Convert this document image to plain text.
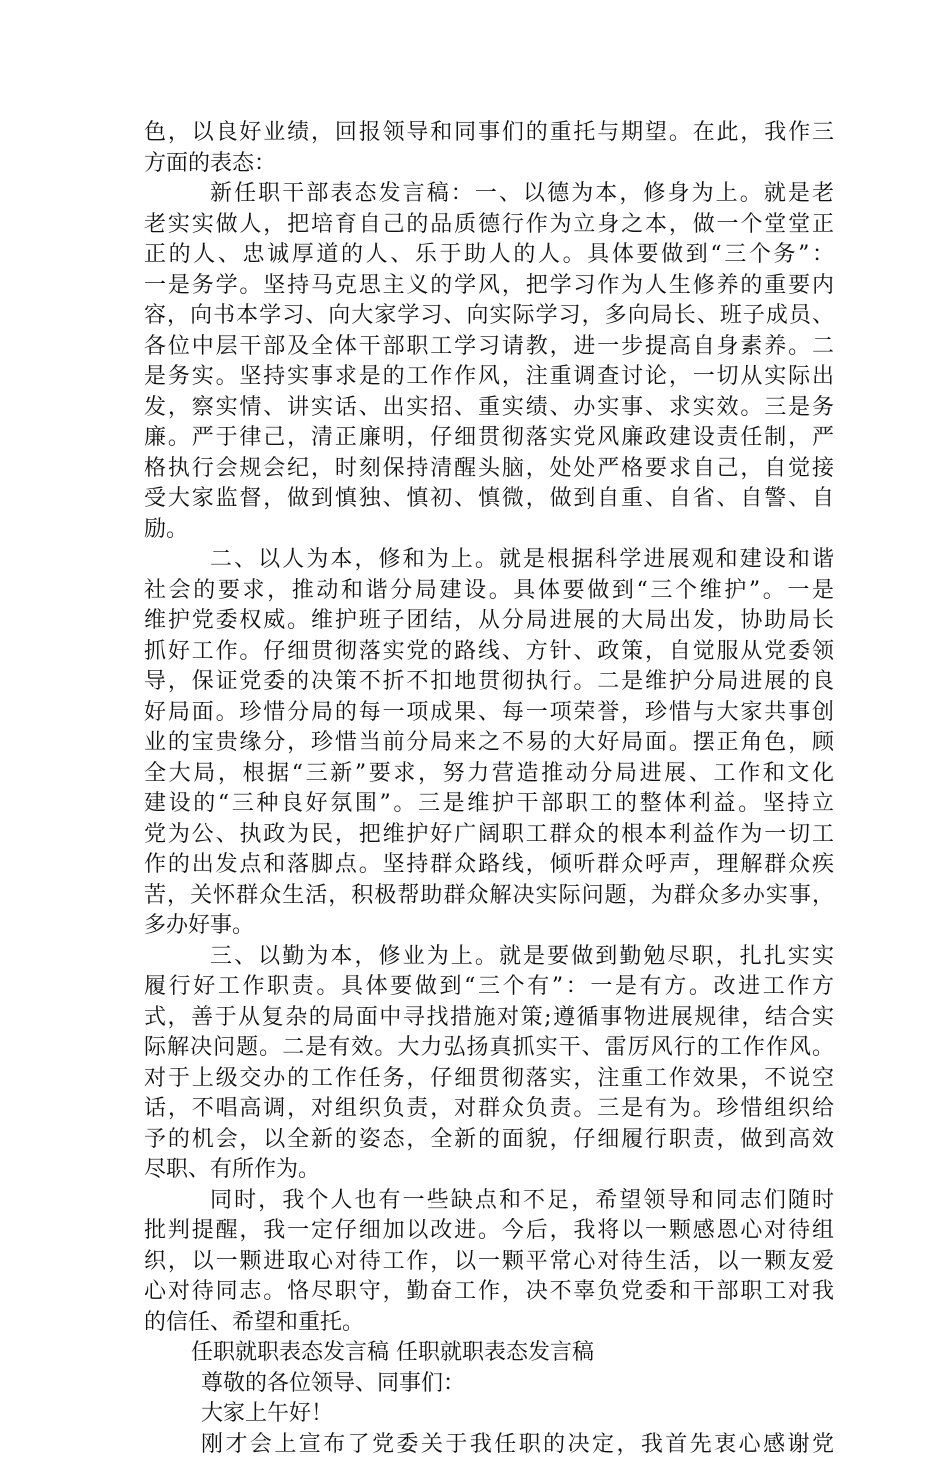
色，以良好业绩，回报领导和同事们的重托与期望。在此，我作三
方面的表态：
新任职干部表态发言稿：一、以德为本，修身为上。就是老
老实实做人，把培育自己的品质德行作为立身之本，做一个堂堂正
正的人、忠诚厚道的人、乐于助人的人。具体要做到“三个务”：
一是务学。坚持马克思主义的学风，把学习作为人生修养的重要内
容，向书本学习、向大家学习、向实际学习，多向局长、班子成员、
各位中层干部及全体干部职工学习请教，进一步提高自身素养。二
是务实。坚持实事求是的工作作风，注重调查讨论，一切从实际出
发，察实情、讲实话、出实招、重实绩、办实事、求实效。三是务
廉。严于律己，清正廉明，仔细贯彻落实党风廉政建设责任制，严
格执行会规会纪，时刻保持清醒头脑，处处严格要求自己，自觉接
受大家监督，做到慎独、慎初、慎微，做到自重、自省、自警、自
励。
二、以人为本，修和为上。就是根据科学进展观和建设和谐
社会的要求，推动和谐分局建设。具体要做到“三个维护”。一是
维护党委权威。维护班子团结，从分局进展的大局出发，协助局长
抓好工作。仔细贯彻落实党的路线、方针、政策，自觉服从党委领
导，保证党委的决策不折不扣地贯彻执行。二是维护分局进展的良
好局面。珍惜分局的每一项成果、每一项荣誉，珍惜与大家共事创
业的宝贵缘分，珍惜当前分局来之不易的大好局面。摆正角色，顾
全大局，根据“三新”要求，努力营造推动分局进展、工作和文化
建设的“三种良好氛围”。三是维护干部职工的整体利益。坚持立
党为公、执政为民，把维护好广阔职工群众的根本利益作为一切工
作的出发点和落脚点。坚持群众路线，倾听群众呼声，理解群众疾
苦，关怀群众生活，积极帮助群众解决实际问题，为群众多办实事，
多办好事。
三、以勤为本，修业为上。就是要做到勤勉尽职，扎扎实实
履行好工作职责。具体要做到“三个有”：一是有方。改进工作方
式，善于从复杂的局面中寻找措施对策;遵循事物进展规律，结合实
际解决问题。二是有效。大力弘扬真抓实干、雷厉风行的工作作风。
对于上级交办的工作任务，仔细贯彻落实，注重工作效果，不说空
话，不唱高调，对组织负责，对群众负责。三是有为。珍惜组织给
予的机会，以全新的姿态，全新的面貌，仔细履行职责，做到高效
尽职、有所作为。
同时，我个人也有一些缺点和不足，希望领导和同志们随时
批判提醒，我一定仔细加以改进。今后，我将以一颗感恩心对待组
织，以一颗进取心对待工作，以一颗平常心对待生活，以一颗友爱
心对待同志。恪尽职守，勤奋工作，决不辜负党委和干部职工对我
的信任、希望和重托。
任职就职表态发言稿 任职就职表态发言稿
尊敬的各位领导、同事们：
大家上午好！
刚才会上宣布了党委关于我任职的决定，我首先衷心感谢党
